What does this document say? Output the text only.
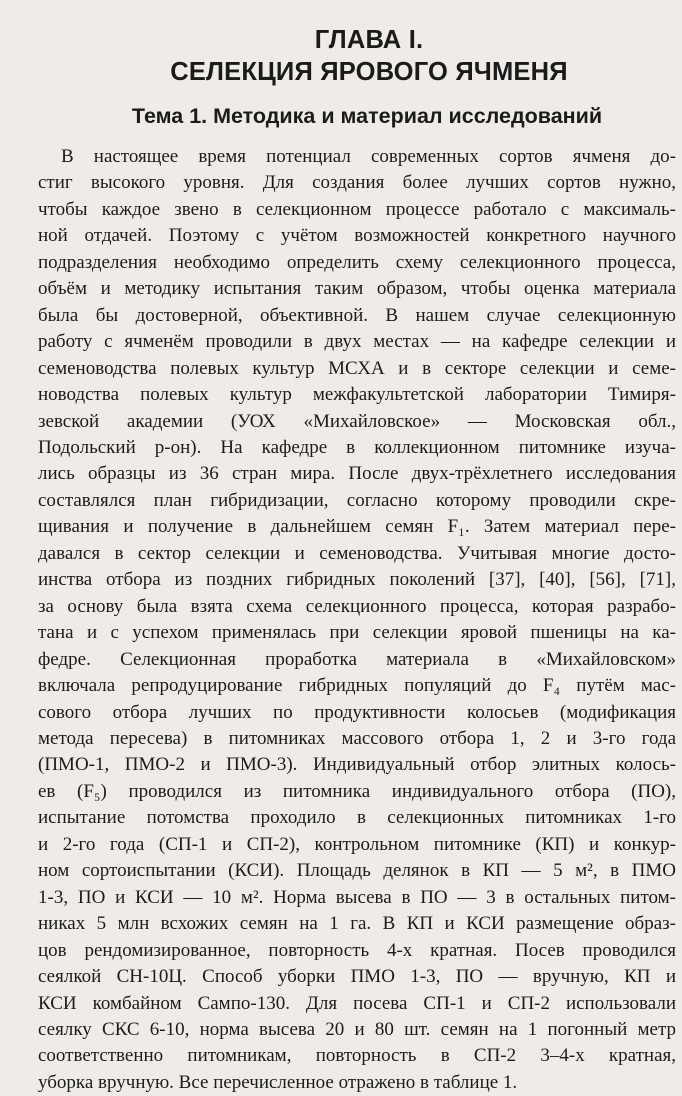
ГЛАВА I.
СЕЛЕКЦИЯ ЯРОВОГО ЯЧМЕНЯ
Тема 1. Методика и материал исследований
В настоящее время потенциал современных сортов ячменя до-
стиг высокого уровня. Для создания более лучших сортов нужно,
чтобы каждое звено в селекционном процессе работало с максималь-
ной отдачей. Поэтому с учётом возможностей конкретного научного
подразделения необходимо определить схему селекционного процесса,
объём и методику испытания таким образом, чтобы оценка материала
была бы достоверной, объективной. В нашем случае селекционную
работу с ячменём проводили в двух местах — на кафедре селекции и
семеноводства полевых культур МСХА и в секторе селекции и семе-
новодства полевых культур межфакультетской лаборатории Тимиря-
зевской академии (УОХ «Михайловское» — Московская обл.,
Подольский р-он). На кафедре в коллекционном питомнике изуча-
лись образцы из 36 стран мира. После двух-трёхлетнего исследования
составлялся план гибридизации, согласно которому проводили скре-
щивания и получение в дальнейшем семян F₁. Затем материал пере-
давался в сектор селекции и семеноводства. Учитывая многие досто-
инства отбора из поздних гибридных поколений [37], [40], [56], [71],
за основу была взята схема селекционного процесса, которая разрабо-
тана и с успехом применялась при селекции яровой пшеницы на ка-
федре. Селекционная проработка материала в «Михайловском»
включала репродуцирование гибридных популяций до F₄ путём мас-
сового отбора лучших по продуктивности колосьев (модификация
метода пересева) в питомниках массового отбора 1, 2 и 3-го года
(ПМО-1, ПМО-2 и ПМО-3). Индивидуальный отбор элитных колось-
ев (F₅) проводился из питомника индивидуального отбора (ПО),
испытание потомства проходило в селекционных питомниках 1-го
и 2-го года (СП-1 и СП-2), контрольном питомнике (КП) и конкур-
ном сортоиспытании (КСИ). Площадь делянок в КП — 5 м², в ПМО
1-3, ПО и КСИ — 10 м². Норма высева в ПО — 3 в остальных питом-
никах 5 млн всхожих семян на 1 га. В КП и КСИ размещение образ-
цов рендомизированное, повторность 4-х кратная. Посев проводился
сеялкой СН-10Ц. Способ уборки ПМО 1-3, ПО — вручную, КП и
КСИ комбайном Сампо-130. Для посева СП-1 и СП-2 использовали
сеялку СКС 6-10, норма высева 20 и 80 шт. семян на 1 погонный метр
соответственно питомникам, повторность в СП-2 3–4-х кратная,
уборка вручную. Все перечисленное отражено в таблице 1.
